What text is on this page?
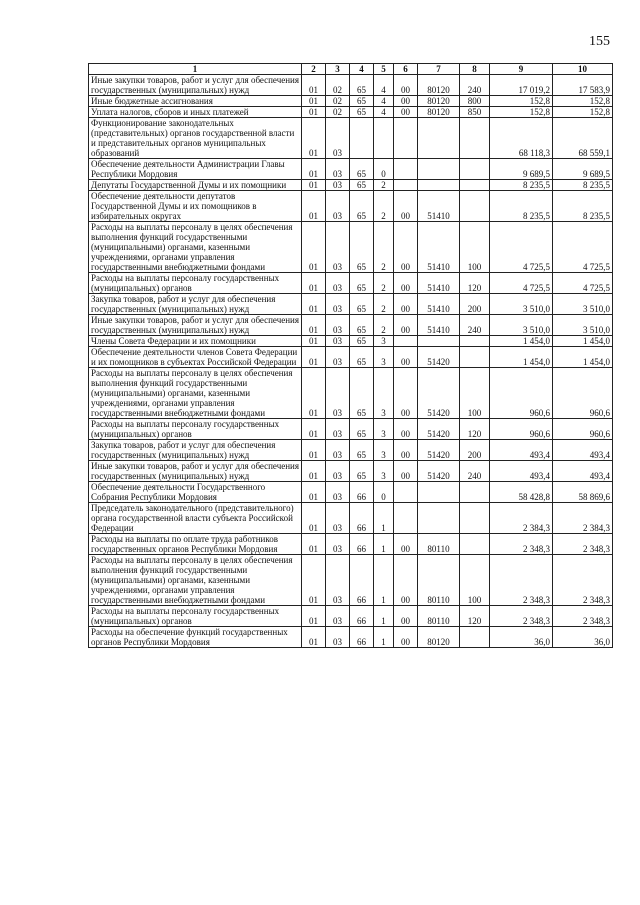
155
1	2	3	4	5	6	7	8	9	10
Иные закупки товаров, работ и услуг для обеспечения государственных (муниципальных) нужд	01	02	65	4	00	80120	240	17 019,2	17 583,9
Иные бюджетные ассигнования	01	02	65	4	00	80120	800	152,8	152,8
Уплата налогов, сборов и иных платежей	01	02	65	4	00	80120	850	152,8	152,8
Функционирование законодательных (представительных) органов государственной власти и представительных органов муниципальных образований	01	03						68 118,3	68 559,1
Обеспечение деятельности Администрации Главы Республики Мордовия	01	03	65	0				9 689,5	9 689,5
Депутаты Государственной Думы и их помощники	01	03	65	2				8 235,5	8 235,5
Обеспечение деятельности депутатов Государственной Думы и их помощников в избирательных округах	01	03	65	2	00	51410		8 235,5	8 235,5
Расходы на выплаты персоналу в целях обеспечения выполнения функций государственными (муниципальными) органами, казенными учреждениями, органами управления государственными внебюджетными фондами	01	03	65	2	00	51410	100	4 725,5	4 725,5
Расходы на выплаты персоналу государственных (муниципальных) органов	01	03	65	2	00	51410	120	4 725,5	4 725,5
Закупка товаров, работ и услуг для обеспечения государственных (муниципальных) нужд	01	03	65	2	00	51410	200	3 510,0	3 510,0
Иные закупки товаров, работ и услуг для обеспечения государственных (муниципальных) нужд	01	03	65	2	00	51410	240	3 510,0	3 510,0
Члены Совета Федерации и их помощники	01	03	65	3				1 454,0	1 454,0
Обеспечение деятельности членов Совета Федерации и их помощников в субъектах Российской Федерации	01	03	65	3	00	51420		1 454,0	1 454,0
Расходы на выплаты персоналу в целях обеспечения выполнения функций государственными (муниципальными) органами, казенными учреждениями, органами управления государственными внебюджетными фондами	01	03	65	3	00	51420	100	960,6	960,6
Расходы на выплаты персоналу государственных (муниципальных) органов	01	03	65	3	00	51420	120	960,6	960,6
Закупка товаров, работ и услуг для обеспечения государственных (муниципальных) нужд	01	03	65	3	00	51420	200	493,4	493,4
Иные закупки товаров, работ и услуг для обеспечения государственных (муниципальных) нужд	01	03	65	3	00	51420	240	493,4	493,4
Обеспечение деятельности Государственного Собрания Республики Мордовия	01	03	66	0				58 428,8	58 869,6
Председатель законодательного (представительного) органа государственной власти субъекта Российской Федерации	01	03	66	1				2 384,3	2 384,3
Расходы на выплаты по оплате труда работников государственных органов Республики Мордовия	01	03	66	1	00	80110		2 348,3	2 348,3
Расходы на выплаты персоналу в целях обеспечения выполнения функций государственными (муниципальными) органами, казенными учреждениями, органами управления государственными внебюджетными фондами	01	03	66	1	00	80110	100	2 348,3	2 348,3
Расходы на выплаты персоналу государственных (муниципальных) органов	01	03	66	1	00	80110	120	2 348,3	2 348,3
Расходы на обеспечение функций государственных органов Республики Мордовия	01	03	66	1	00	80120		36,0	36,0
